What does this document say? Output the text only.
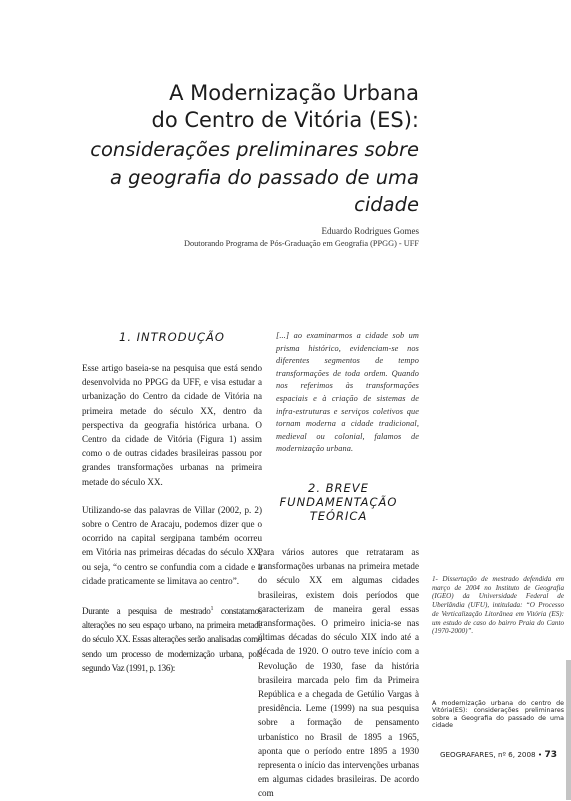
A Modernização Urbana
do Centro de Vitória (ES):
considerações preliminares sobre
a geografia do passado de uma
cidade
Eduardo Rodrigues Gomes
Doutorando Programa de Pós-Graduação em Geografia (PPGG) - UFF
1. INTRODUÇÃO

Esse artigo baseia-se na pesquisa que está sendo desenvolvida no PPGG da UFF, e visa estudar a urbanização do Centro da cidade de Vitória na primeira metade do século XX, dentro da perspectiva da geografia histórica urbana. O Centro da cidade de Vitória (Figura 1) assim como o de outras cidades brasileiras passou por grandes transformações urbanas na primeira metade do século XX.

Utilizando-se das palavras de Villar (2002, p. 2) sobre o Centro de Aracaju, podemos dizer que o ocorrido na capital sergipana também ocorreu em Vitória nas primeiras décadas do século XX, ou seja, “o centro se confundia com a cidade e a cidade praticamente se limitava ao centro”.

Durante a pesquisa de mestrado$^1$ constatamos alterações no seu espaço urbano, na primeira metade do século XX. Essas alterações serão analisadas como sendo um processo de modernização urbana, pois segundo Vaz (1991, p. 136):

[...] ao examinarmos a cidade sob um prisma histórico, evidenciam-se nos diferentes segmentos de tempo transformações de toda ordem. Quando nos referimos às transformações espaciais e à criação de sistemas de infra-estruturas e serviços coletivos que tornam moderna a cidade tradicional, medieval ou colonial, falamos de modernização urbana.

2. BREVE FUNDAMENTAÇÃO
TEÓRICA

Para vários autores que retrataram as transformações urbanas na primeira metade do século XX em algumas cidades brasileiras, existem dois períodos que caracterizam de maneira geral essas transformações. O primeiro inicia-se nas últimas décadas do século XIX indo até a década de 1920. O outro teve início com a Revolução de 1930, fase da história brasileira marcada pelo fim da Primeira República e a chegada de Getúlio Vargas à presidência. Leme (1999) na sua pesquisa sobre a formação de pensamento urbanístico no Brasil de 1895 a 1965, aponta que o período entre 1895 a 1930 representa o início das intervenções urbanas em algumas cidades brasileiras. De acordo com

1- Dissertação de mestrado defendida em março de 2004 no Instituto de Geografia (IGEO) da Universidade Federal de Uberlândia (UFU), intitulada: “O Processo de Verticalização Litorânea em Vitória (ES): um estudo de caso do bairro Praia do Canto (1970-2000)”.
A modernização urbana do centro de Vitória(ES): considerações preliminares sobre a Geografia do passado de uma cidade
GEOGRAFARES, nº 6, 2008 • 73
